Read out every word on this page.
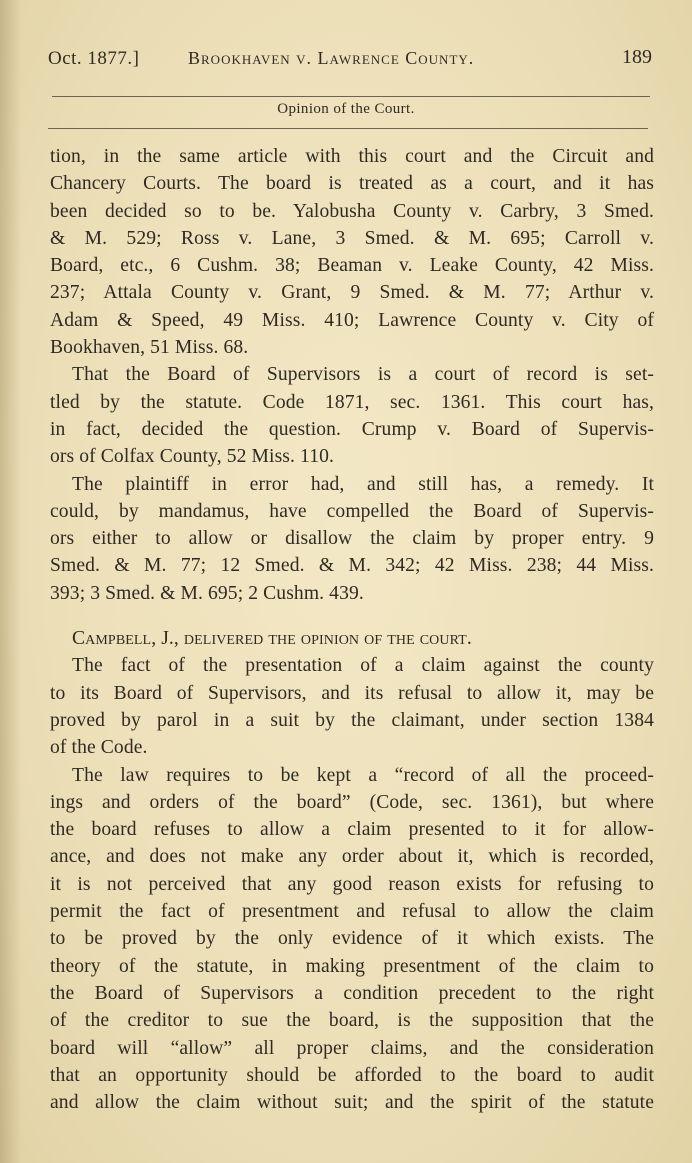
Oct. 1877.]	Brookhaven v. Lawrence County.	189
Opinion of the Court.
tion, in the same article with this court and the Circuit and
Chancery Courts. The board is treated as a court, and it has
been decided so to be. Yalobusha County v. Carbry, 3 Smed.
& M. 529; Ross v. Lane, 3 Smed. & M. 695; Carroll v.
Board, etc., 6 Cushm. 38; Beaman v. Leake County, 42 Miss.
237; Attala County v. Grant, 9 Smed. & M. 77; Arthur v.
Adam & Speed, 49 Miss. 410; Lawrence County v. City of
Bookhaven, 51 Miss. 68.
That the Board of Supervisors is a court of record is set-
tled by the statute. Code 1871, sec. 1361. This court has,
in fact, decided the question. Crump v. Board of Supervis-
ors of Colfax County, 52 Miss. 110.
The plaintiff in error had, and still has, a remedy. It
could, by mandamus, have compelled the Board of Supervis-
ors either to allow or disallow the claim by proper entry. 9
Smed. & M. 77; 12 Smed. & M. 342; 42 Miss. 238; 44 Miss.
393; 3 Smed. & M. 695; 2 Cushm. 439.
Campbell, J., delivered the opinion of the court.
The fact of the presentation of a claim against the county
to its Board of Supervisors, and its refusal to allow it, may be
proved by parol in a suit by the claimant, under section 1384
of the Code.
The law requires to be kept a “record of all the proceed-
ings and orders of the board” (Code, sec. 1361), but where
the board refuses to allow a claim presented to it for allow-
ance, and does not make any order about it, which is recorded,
it is not perceived that any good reason exists for refusing to
permit the fact of presentment and refusal to allow the claim
to be proved by the only evidence of it which exists. The
theory of the statute, in making presentment of the claim to
the Board of Supervisors a condition precedent to the right
of the creditor to sue the board, is the supposition that the
board will “allow” all proper claims, and the consideration
that an opportunity should be afforded to the board to audit
and allow the claim without suit; and the spirit of the statute
